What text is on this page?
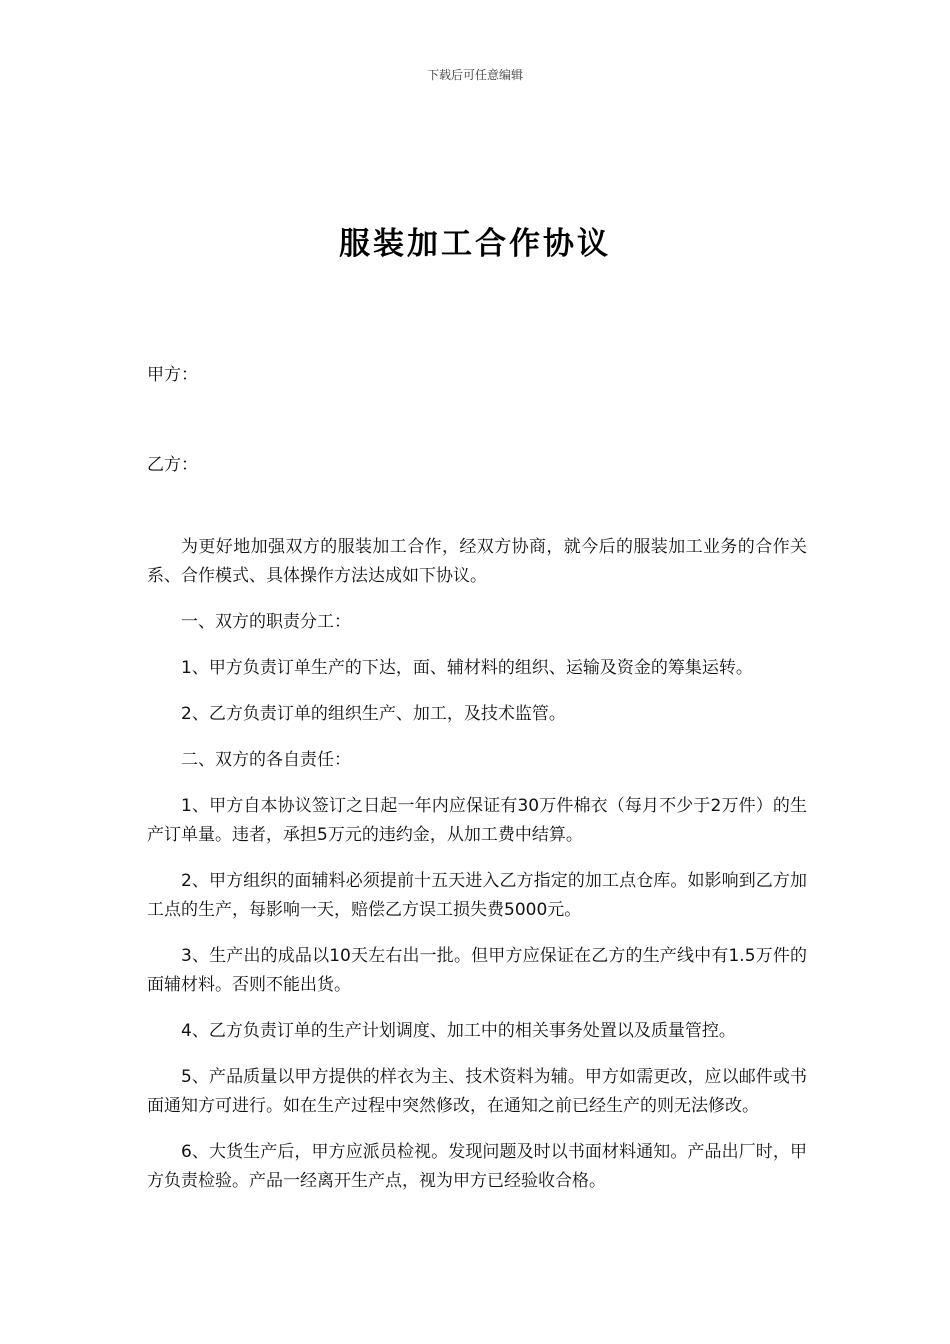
下载后可任意编辑
服装加工合作协议
甲方：
乙方：

为更好地加强双方的服装加工合作，经双方协商，就今后的服装加工业务的合作关系、合作模式、具体操作方法达成如下协议。

一、双方的职责分工：

1、甲方负责订单生产的下达，面、辅材料的组织、运输及资金的筹集运转。

2、乙方负责订单的组织生产、加工，及技术监管。

二、双方的各自责任：

1、甲方自本协议签订之日起一年内应保证有30万件棉衣（每月不少于2万件）的生产订单量。违者，承担5万元的违约金，从加工费中结算。

2、甲方组织的面辅料必须提前十五天进入乙方指定的加工点仓库。如影响到乙方加工点的生产，每影响一天，赔偿乙方误工损失费5000元。

3、生产出的成品以10天左右出一批。但甲方应保证在乙方的生产线中有1.5万件的面辅材料。否则不能出货。

4、乙方负责订单的生产计划调度、加工中的相关事务处置以及质量管控。

5、产品质量以甲方提供的样衣为主、技术资料为辅。甲方如需更改，应以邮件或书面通知方可进行。如在生产过程中突然修改，在通知之前已经生产的则无法修改。

6、大货生产后，甲方应派员检视。发现问题及时以书面材料通知。产品出厂时，甲方负责检验。产品一经离开生产点，视为甲方已经验收合格。
